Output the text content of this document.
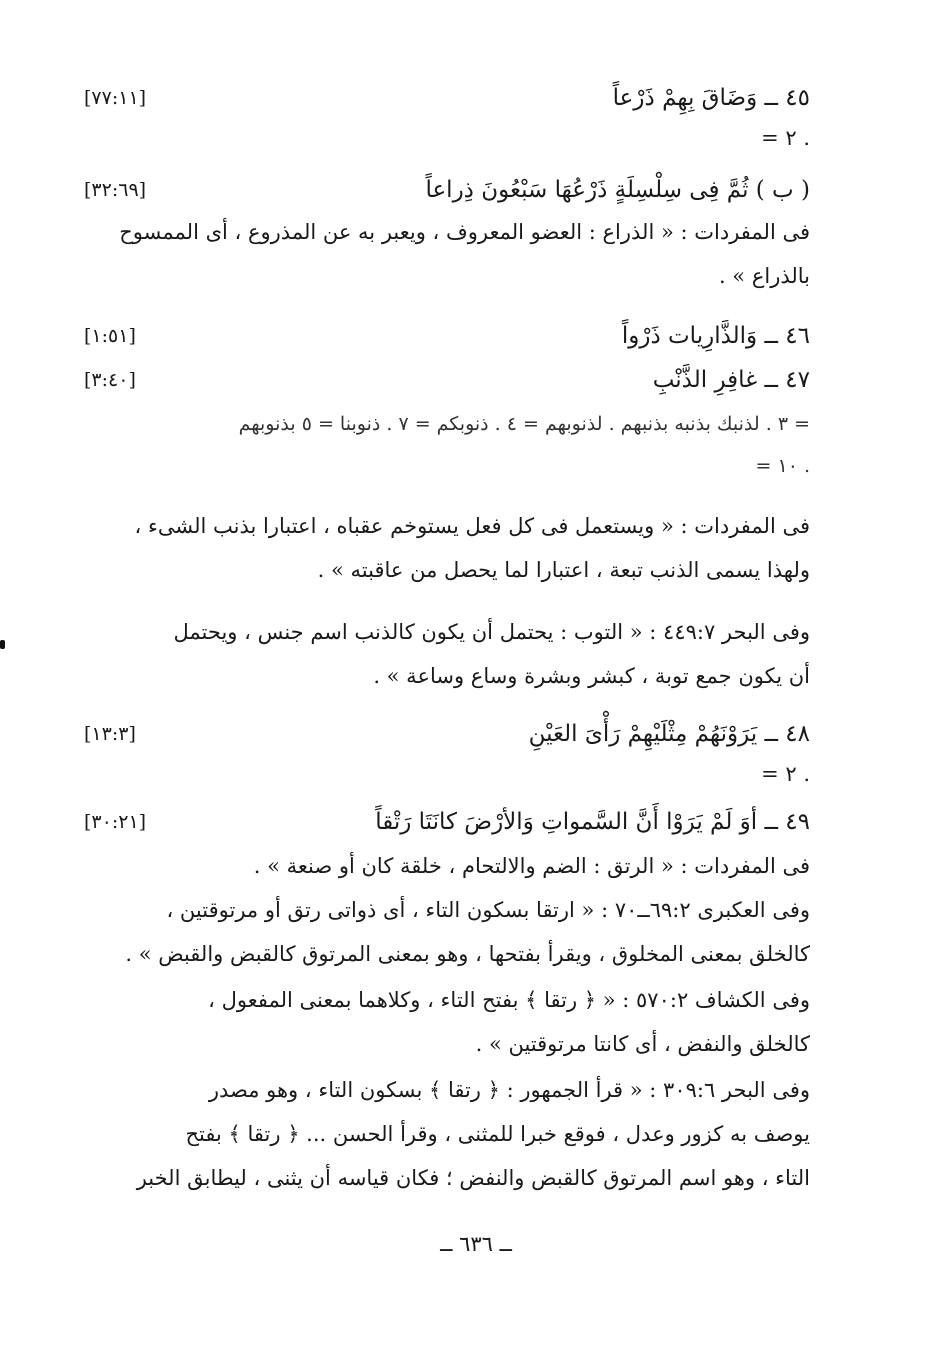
٤٥ ــ وَضَاقَ بِهِمْ ذَرْعاً
[٧٧:١١]
. ٢ =
( ب ) ثُمَّ فِى سِلْسِلَةٍ ذَرْعُهَا سَبْعُونَ ذِراعاً
[٣٢:٦٩]
فى المفردات : « الذراع : العضو المعروف ، ويعبر به عن المذروع ، أى الممسوح
بالذراع » .
٤٦ ــ وَالذَّارِيات ذَرْواً
[١:٥١]
٤٧ ــ غافِرِ الذَّنْبِ
[٣:٤٠]
= ٣ . لذنبك بذنبه بذنبهم . لذنوبهم = ٤ . ذنوبكم = ٧ . ذنوبنا = ٥ بذنوبهم
. ١٠ =
فى المفردات : « ويستعمل فى كل فعل يستوخم عقباه ، اعتبارا بذنب الشىء ،
ولهذا يسمى الذنب تبعة ، اعتبارا لما يحصل من عاقبته » .
وفى البحر ٤٤٩:٧ : « التوب : يحتمل أن يكون كالذنب اسم جنس ، ويحتمل
أن يكون جمع توبة ، كبشر وبشرة وساع وساعة » .
٤٨ ــ يَرَوْنَهُمْ مِثْلَيْهِمْ رَأْىَ العَيْنِ
[١٣:٣]
. ٢ =
٤٩ ــ أوَ لَمْ يَرَوْا أَنَّ السَّمواتِ وَالأرْضَ كانَتَا رَتْقاً
[٣٠:٢١]
فى المفردات : « الرتق : الضم والالتحام ، خلقة كان أو صنعة » .
وفى العكبرى ٦٩:٢ــ٧٠ : « ارتقا بسكون التاء ، أى ذواتى رتق أو مرتوقتين ،
كالخلق بمعنى المخلوق ، ويقرأ بفتحها ، وهو بمعنى المرتوق كالقبض والقبض » .
وفى الكشاف ٥٧٠:٢ : « ﴿ رتقا ﴾ بفتح التاء ، وكلاهما بمعنى المفعول ،
كالخلق والنفض ، أى كانتا مرتوقتين » .
وفى البحر ٣٠٩:٦ : « قرأ الجمهور : ﴿ رتقا ﴾ بسكون التاء ، وهو مصدر
يوصف به كزور وعدل ، فوقع خبرا للمثنى ، وقرأ الحسن ... ﴿ رتقا ﴾ بفتح
التاء ، وهو اسم المرتوق كالقبض والنفض ؛ فكان قياسه أن يثنى ، ليطابق الخبر
ــ ٦٣٦ ــ
